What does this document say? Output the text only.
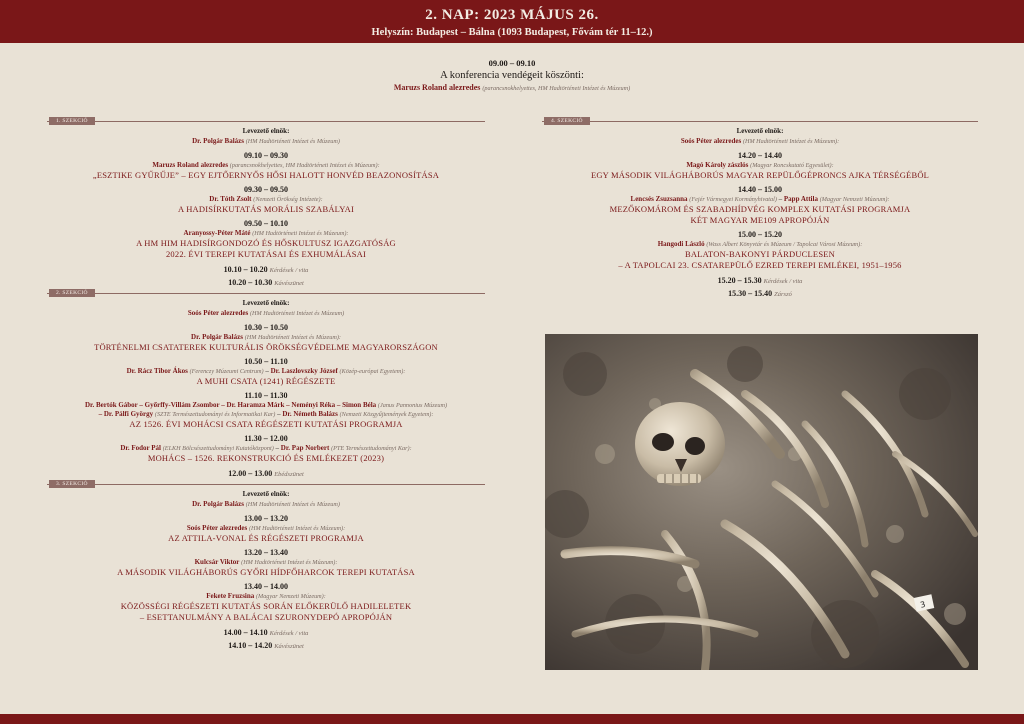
2. NAP: 2023 MÁJUS 26.
Helyszín: Budapest – Bálna (1093 Budapest, Fővám tér 11–12.)
09.00 – 09.10
A konferencia vendégeit köszönti:
Maruzs Roland alezredes (parancsnokhelyettes, HM Hadtörténeti Intézet és Múzeum)
1. SZEKCIÓ
Levezető elnök:
Dr. Polgár Balázs (HM Hadtörténeti Intézet és Múzeum)
09.10 – 09.30
Maruzs Roland alezredes (parancsnokhelyettes, HM Hadtörténeti Intézet és Múzeum):
„ESZTIKE GYŰRŰJE” – EGY EJTŐERNYŐS HŐSI HALOTT HONVÉD BEAZONOSÍTÁSA
09.30 – 09.50
Dr. Tóth Zsolt (Nemzeti Örökség Intézete):
A HADISÍRKUTATÁS MORÁLIS SZABÁLYAI
09.50 – 10.10
Aranyossy-Péter Máté (HM Hadtörténeti Intézet és Múzeum):
A HM HIM HADISÍRGONDOZÓ ÉS HŐSKULTUSZ IGAZGATÓSÁG
2022. ÉVI TEREPI KUTATÁSAI ÉS EXHUMÁLÁSAI
10.10 – 10.20 Kérdések / vita
10.20 – 10.30 Kávészünet
2. SZEKCIÓ
Levezető elnök:
Soós Péter alezredes (HM Hadtörténeti Intézet és Múzeum)
10.30 – 10.50
Dr. Polgár Balázs (HM Hadtörténeti Intézet és Múzeum):
TÖRTÉNELMI CSATATEREK KULTURÁLIS ÖRÖKSÉGVÉDELME MAGYARORSZÁGON
10.50 – 11.10
Dr. Rácz Tibor Ákos (Ferenczy Múzeumi Centrum) – Dr. Laszlovszky József (Közép-európai Egyetem):
A MUHI CSATA (1241) RÉGÉSZETE
11.10 – 11.30
Dr. Bertók Gábor – Győrffy-Villám Zsombor – Dr. Haramza Márk – Neményi Réka – Simon Béla (Janus Pannonius Múzeum)
– Dr. Pálfi György (SZTE Természettudományi és Informatikai Kar) – Dr. Németh Balázs (Nemzeti Közgyűjtemények Egyetem):
AZ 1526. ÉVI MOHÁCSI CSATA RÉGÉSZETI KUTATÁSI PROGRAMJA
11.30 – 12.00
Dr. Fodor Pál (ELKH Bölcsészettudományi Kutatóközpont) – Dr. Pap Norbert (PTE Természettudományi Kar):
MOHÁCS – 1526. REKONSTRUKCIÓ ÉS EMLÉKEZET (2023)
12.00 – 13.00 Ebédszünet
3. SZEKCIÓ
Levezető elnök:
Dr. Polgár Balázs (HM Hadtörténeti Intézet és Múzeum)
13.00 – 13.20
Soós Péter alezredes (HM Hadtörténeti Intézet és Múzeum):
AZ ATTILA-VONAL ÉS RÉGÉSZETI PROGRAMJA
13.20 – 13.40
Kulcsár Viktor (HM Hadtörténeti Intézet és Múzeum):
A MÁSODIK VILÁGHÁBORÚS GYŐRI HÍDFŐHARCOK TEREPI KUTATÁSA
13.40 – 14.00
Fekete Fruzsina (Magyar Nemzeti Múzeum):
KÖZÖSSÉGI RÉGÉSZETI KUTATÁS SORÁN ELŐKERÜLŐ HADILELETEK
– ESETTANULMÁNY A BALÁCAI SZURONYDEPÓ APROPÓJÁN
14.00 – 14.10 Kérdések / vita
14.10 – 14.20 Kávészünet
4. SZEKCIÓ
Levezető elnök:
Soós Péter alezredes (HM Hadtörténeti Intézet és Múzeum):
14.20 – 14.40
Magó Károly zászlós (Magyar Roncskutató Egyesület):
EGY MÁSODIK VILÁGHÁBORÚS MAGYAR REPÜLŐGÉPRONCS AJKA TÉRSÉGÉBŐL
14.40 – 15.00
Lencsés Zsuzsanna (Fejér Vármegyei Kormányhivatal) – Papp Attila (Magyar Nemzeti Múzeum):
MEZŐKOMÁROM ÉS SZABADHÍDVÉG KOMPLEX KUTATÁSI PROGRAMJA
KÉT MAGYAR ME109 APROPÓJÁN
15.00 – 15.20
Hangodi László (Wass Albert Könyvtár és Múzeum / Tapolcai Városi Múzeum):
BALATON-BAKONYI PÁRDUCLESEN
– A TAPOLCAI 23. CSATAREPÜLŐ EZRED TEREPI EMLÉKEI, 1951–1956
15.20 – 15.30 Kérdések / vita
15.30 – 15.40 Zárszó
3
